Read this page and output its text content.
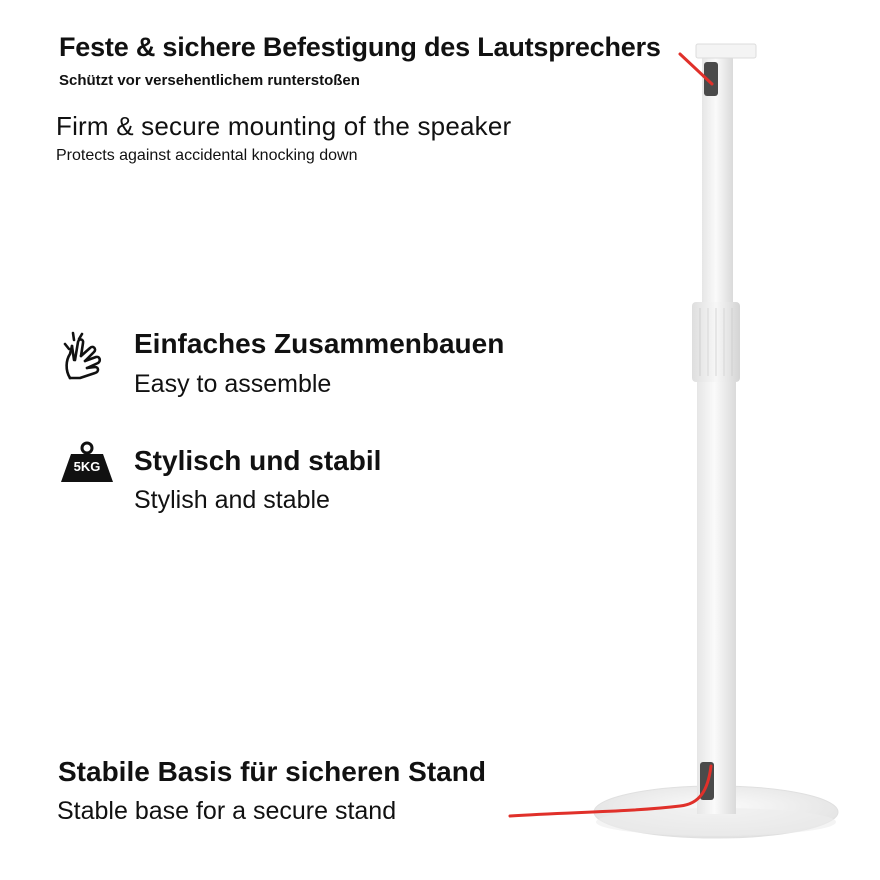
Feste & sichere Befestigung des Lautsprechers
Schützt vor versehentlichem runterstoßen
Firm & secure mounting of the speaker
Protects against accidental knocking down
Einfaches Zusammenbauen
Easy to assemble
5KG	Stylisch und stabil
Stylish and stable
Stabile Basis für sicheren Stand
Stable base for a secure stand
